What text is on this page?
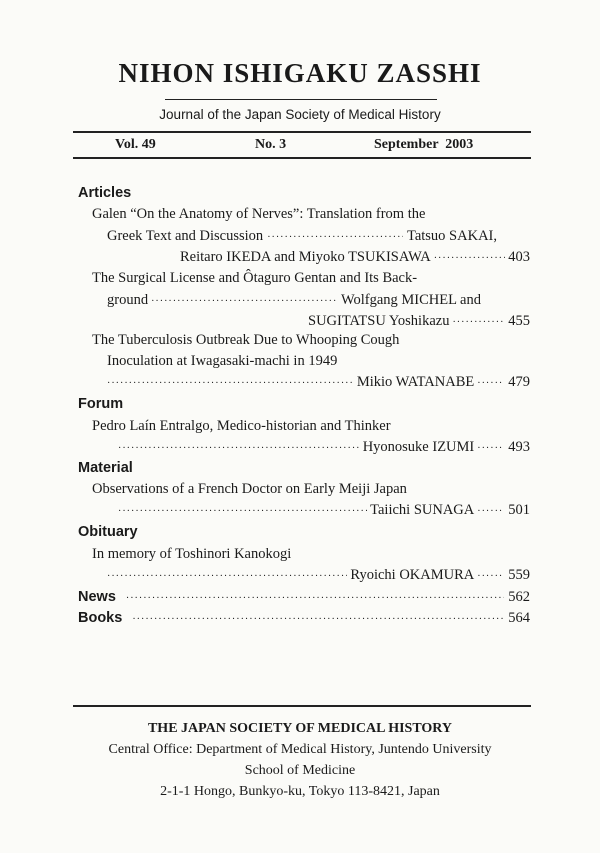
NIHON ISHIGAKU ZASSHI
Journal of the Japan Society of Medical History
Vol. 49	No. 3	September  2003
Articles
Galen “On the Anatomy of Nerves”: Translation from the
Greek Text and Discussion ·····	Tatsuo SAKAI,
Reitaro IKEDA and Miyoko TSUKISAWA ·····	403
The Surgical License and Ôtaguro Gentan and Its Back-
ground ·····	Wolfgang MICHEL and
SUGITATSU Yoshikazu ·····	455
The Tuberculosis Outbreak Due to Whooping Cough
Inoculation at Iwagasaki-machi in 1949
·····
Mikio WATANABE ······ 479
Forum
Pedro Laín Entralgo, Medico-historian and Thinker
·····
Hyonosuke IZUMI ······ 493
Material
Observations of a French Doctor on Early Meiji Japan
·····
Taiichi SUNAGA ······ 501
Obituary
In memory of Toshinori Kanokogi
·····
Ryoichi OKAMURA ······ 559
News ·····	562
Books ·····	564
THE JAPAN SOCIETY OF MEDICAL HISTORY
Central Office: Department of Medical History, Juntendo University
School of Medicine
2-1-1 Hongo, Bunkyo-ku, Tokyo 113-8421, Japan
